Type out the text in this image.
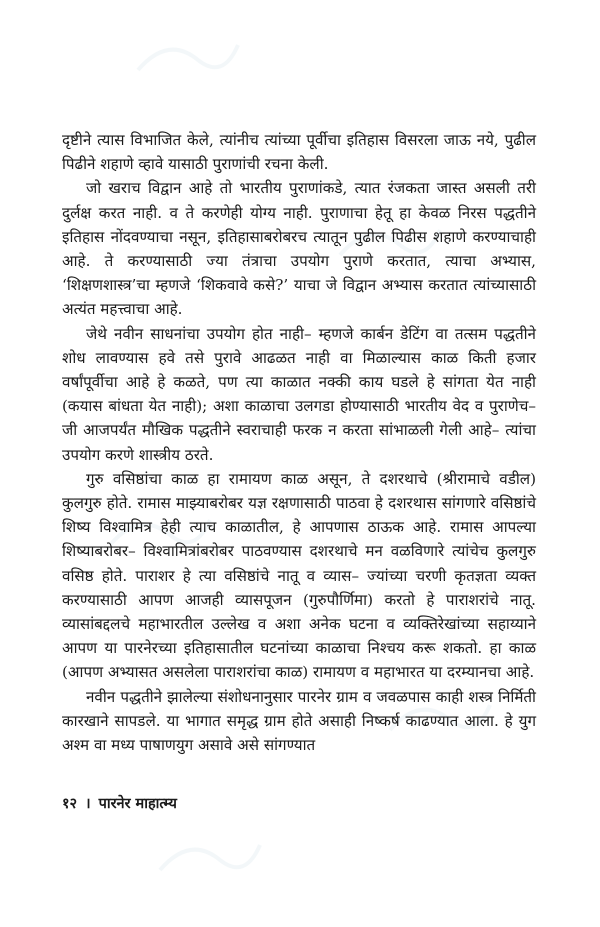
दृष्टीने त्यास विभाजित केले, त्यांनीच त्यांच्या पूर्वीचा इतिहास विसरला जाऊ नये, पुढील पिढीने शहाणे व्हावे यासाठी पुराणांची रचना केली.

जो खराच विद्वान आहे तो भारतीय पुराणांकडे, त्यात रंजकता जास्त असली तरी दुर्लक्ष करत नाही. व ते करणेही योग्य नाही. पुराणाचा हेतू हा केवळ निरस पद्धतीने इतिहास नोंदवण्याचा नसून, इतिहासाबरोबरच त्यातून पुढील पिढीस शहाणे करण्याचाही आहे. ते करण्यासाठी ज्या तंत्राचा उपयोग पुराणे करतात, त्याचा अभ्यास, ‘शिक्षणशास्त्र’चा म्हणजे ‘शिकवावे कसे?’ याचा जे विद्वान अभ्यास करतात त्यांच्यासाठी अत्यंत महत्त्वाचा आहे.

जेथे नवीन साधनांचा उपयोग होत नाही– म्हणजे कार्बन डेटिंग वा तत्सम पद्धतीने शोध लावण्यास हवे तसे पुरावे आढळत नाही वा मिळाल्यास काळ किती हजार वर्षांपूर्वीचा आहे हे कळते, पण त्या काळात नक्की काय घडले हे सांगता येत नाही (कयास बांधता येत नाही); अशा काळाचा उलगडा होण्यासाठी भारतीय वेद व पुराणेच– जी आजपर्यंत मौखिक पद्धतीने स्वराचाही फरक न करता सांभाळली गेली आहे– त्यांचा उपयोग करणे शास्त्रीय ठरते.

गुरु वसिष्ठांचा काळ हा रामायण काळ असून, ते दशरथाचे (श्रीरामाचे वडील) कुलगुरु होते. रामास माझ्याबरोबर यज्ञ रक्षणासाठी पाठवा हे दशरथास सांगणारे वसिष्ठांचे शिष्य विश्वामित्र हेही त्याच काळातील, हे आपणास ठाऊक आहे. रामास आपल्या शिष्याबरोबर– विश्वामित्रांबरोबर पाठवण्यास दशरथाचे मन वळविणारे त्यांचेच कुलगुरु वसिष्ठ होते. पाराशर हे त्या वसिष्ठांचे नातू व व्यास– ज्यांच्या चरणी कृतज्ञता व्यक्त करण्यासाठी आपण आजही व्यासपूजन (गुरुपौर्णिमा) करतो हे पाराशरांचे नातू. व्यासांबद्दलचे महाभारतील उल्लेख व अशा अनेक घटना व व्यक्तिरेखांच्या सहाय्याने आपण या पारनेरच्या इतिहासातील घटनांच्या काळाचा निश्चय करू शकतो. हा काळ (आपण अभ्यासत असलेला पाराशरांचा काळ) रामायण व महाभारत या दरम्यानचा आहे.

नवीन पद्धतीने झालेल्या संशोधनानुसार पारनेर ग्राम व जवळपास काही शस्त्र निर्मिती कारखाने सापडले. या भागात समृद्ध ग्राम होते असाही निष्कर्ष काढण्यात आला. हे युग अश्म वा मध्य पाषाणयुग असावे असे सांगण्यात

१२ । पारनेर माहात्म्य
